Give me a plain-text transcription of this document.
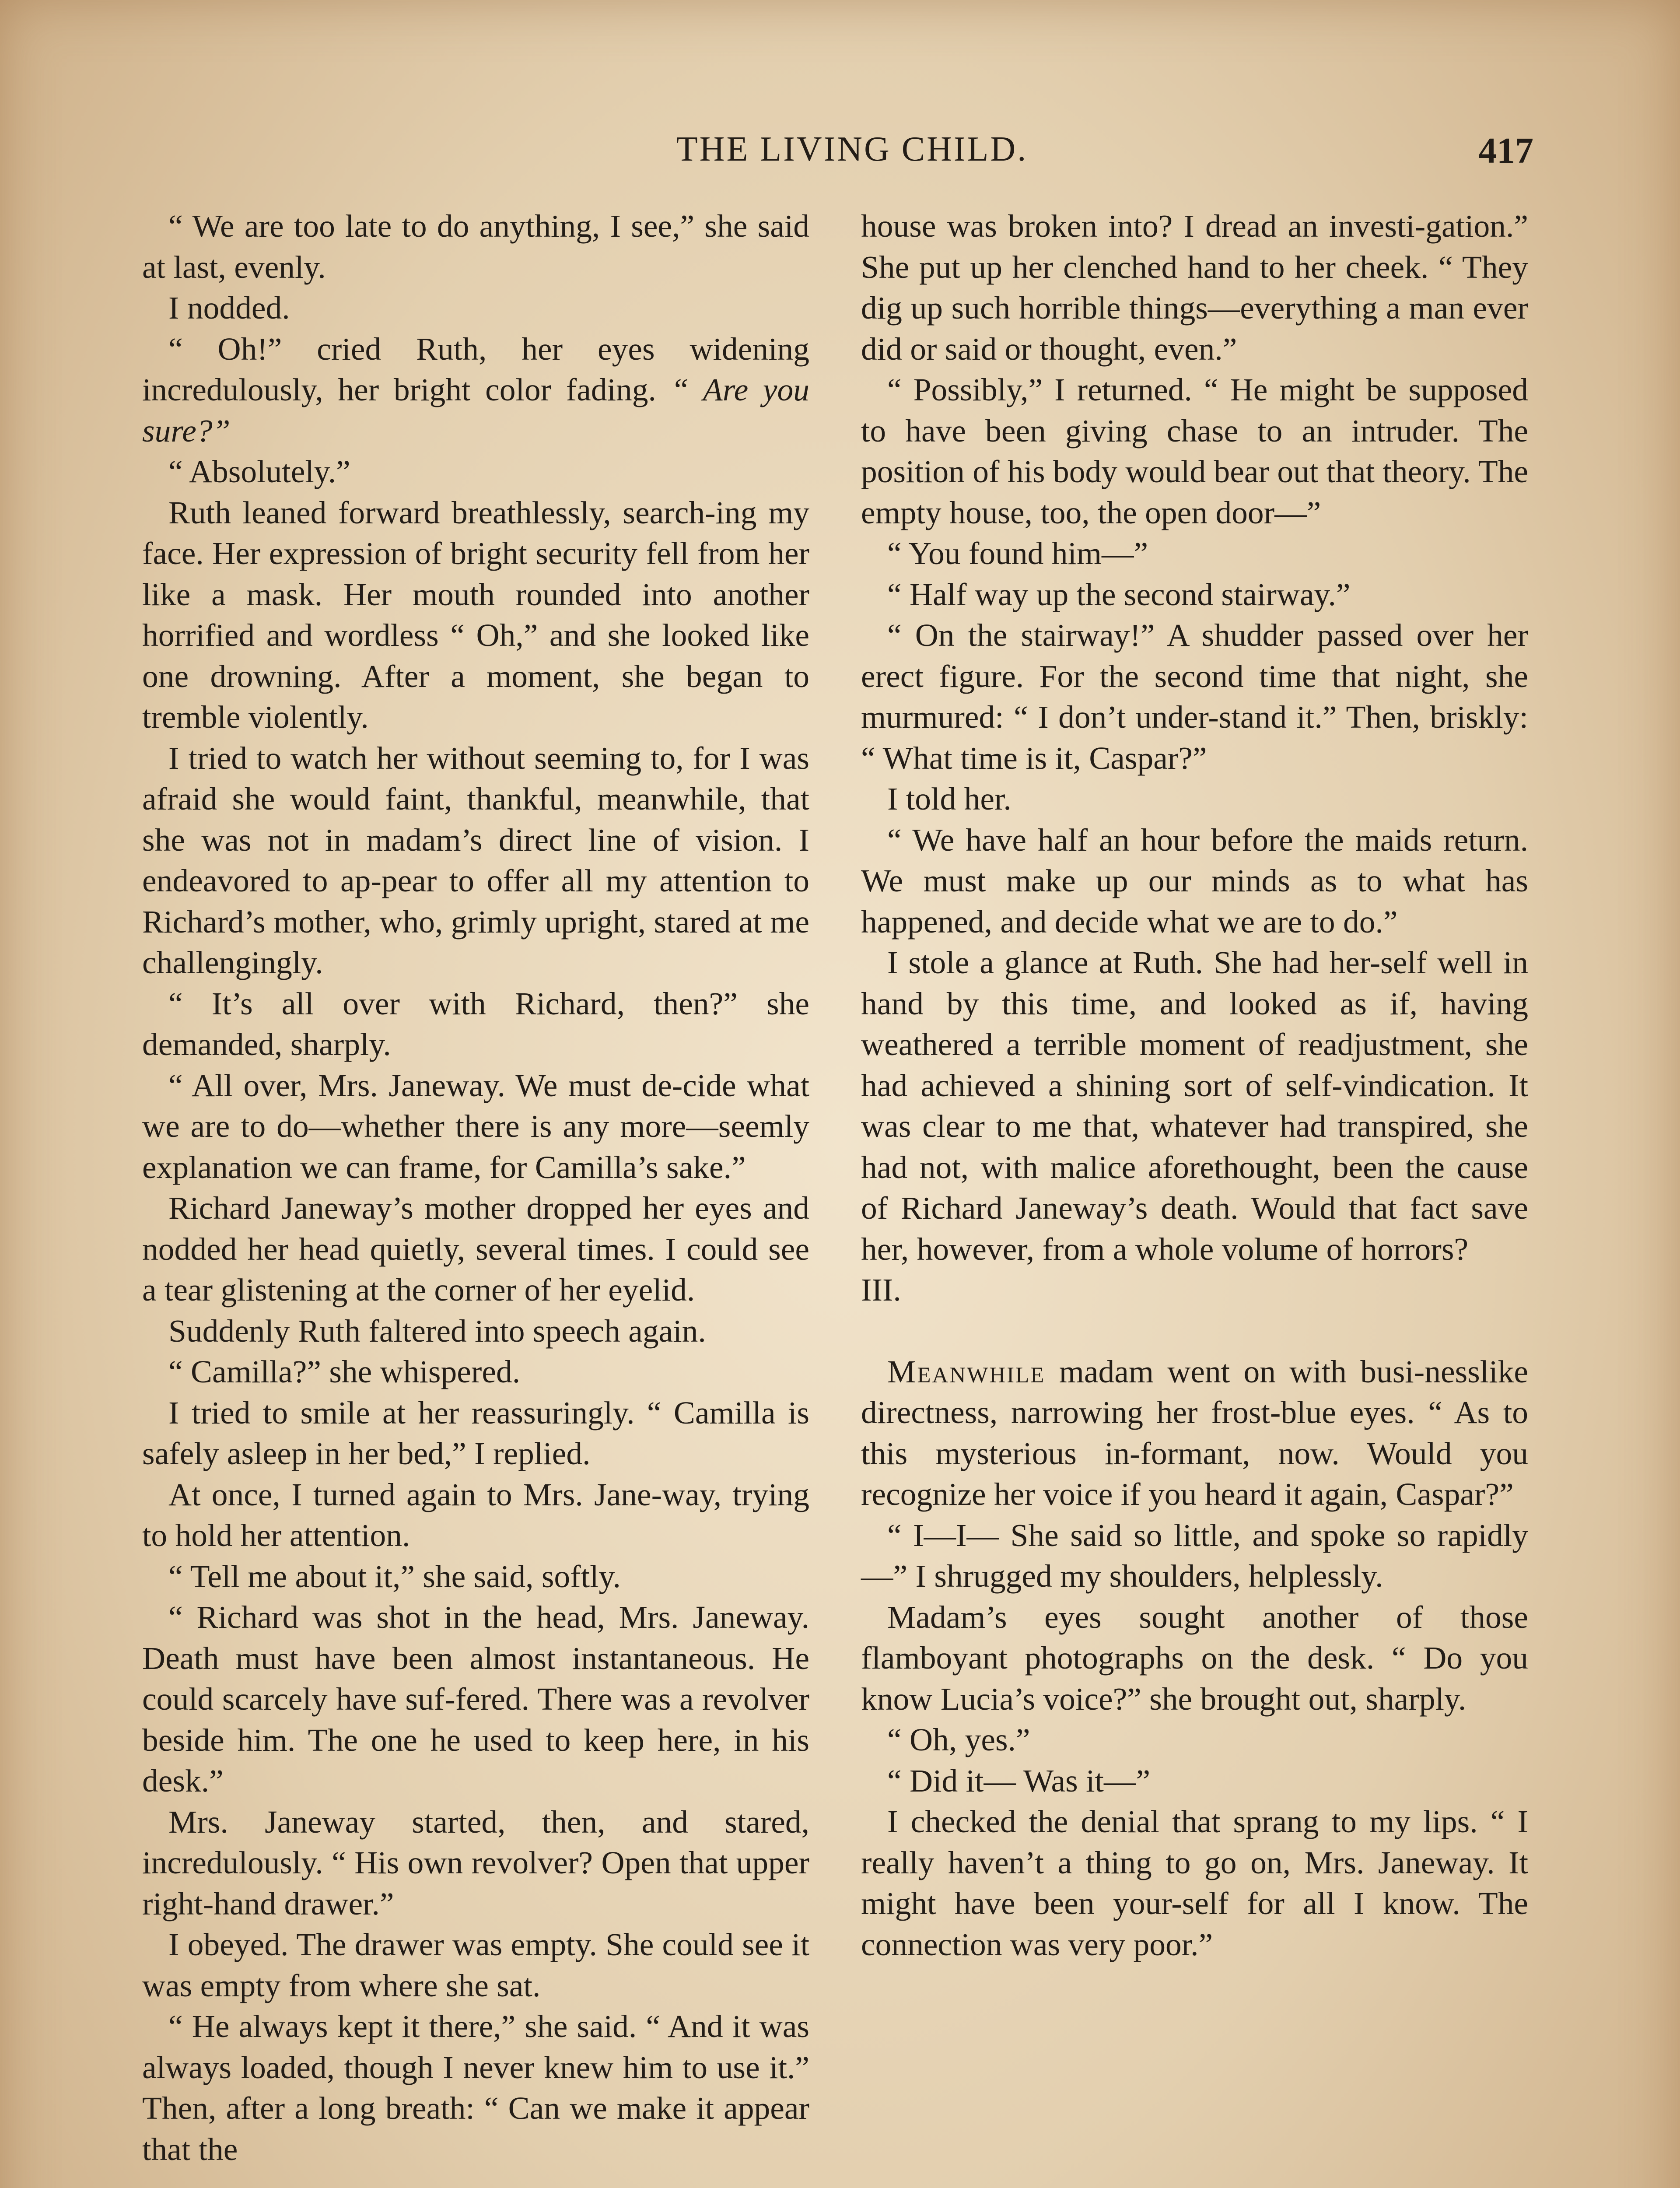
THE LIVING CHILD.	417

“ We are too late to do anything, I see,” she said at last, evenly.

I nodded.

“ Oh!” cried Ruth, her eyes widening incredulously, her bright color fading. “ Are you sure?”

“ Absolutely.”

Ruth leaned forward breathlessly, search-ing my face. Her expression of bright security fell from her like a mask. Her mouth rounded into another horrified and wordless “ Oh,” and she looked like one drowning. After a moment, she began to tremble violently.

I tried to watch her without seeming to, for I was afraid she would faint, thankful, meanwhile, that she was not in madam’s direct line of vision. I endeavored to ap-pear to offer all my attention to Richard’s mother, who, grimly upright, stared at me challengingly.

“ It’s all over with Richard, then?” she demanded, sharply.

“ All over, Mrs. Janeway. We must de-cide what we are to do—whether there is any more—seemly explanation we can frame, for Camilla’s sake.”

Richard Janeway’s mother dropped her eyes and nodded her head quietly, several times. I could see a tear glistening at the corner of her eyelid.

Suddenly Ruth faltered into speech again.

“ Camilla?” she whispered.

I tried to smile at her reassuringly. “ Camilla is safely asleep in her bed,” I replied.

At once, I turned again to Mrs. Jane-way, trying to hold her attention.

“ Tell me about it,” she said, softly.

“ Richard was shot in the head, Mrs. Janeway. Death must have been almost instantaneous. He could scarcely have suf-fered. There was a revolver beside him. The one he used to keep here, in his desk.”

Mrs. Janeway started, then, and stared, incredulously. “ His own revolver? Open that upper right-hand drawer.”

I obeyed. The drawer was empty. She could see it was empty from where she sat.

“ He always kept it there,” she said. “ And it was always loaded, though I never knew him to use it.” Then, after a long breath: “ Can we make it appear that the

house was broken into? I dread an investi-gation.” She put up her clenched hand to her cheek. “ They dig up such horrible things—everything a man ever did or said or thought, even.”

“ Possibly,” I returned. “ He might be supposed to have been giving chase to an intruder. The position of his body would bear out that theory. The empty house, too, the open door—”

“ You found him—”

“ Half way up the second stairway.”

“ On the stairway!” A shudder passed over her erect figure. For the second time that night, she murmured: “ I don’t under-stand it.” Then, briskly: “ What time is it, Caspar?”

I told her.

“ We have half an hour before the maids return. We must make up our minds as to what has happened, and decide what we are to do.”

I stole a glance at Ruth. She had her-self well in hand by this time, and looked as if, having weathered a terrible moment of readjustment, she had achieved a shining sort of self-vindication. It was clear to me that, whatever had transpired, she had not, with malice aforethought, been the cause of Richard Janeway’s death. Would that fact save her, however, from a whole volume of horrors?

III.

Meanwhile madam went on with busi-nesslike directness, narrowing her frost-blue eyes. “ As to this mysterious in-formant, now. Would you recognize her voice if you heard it again, Caspar?”

“ I—I— She said so little, and spoke so rapidly—” I shrugged my shoulders, helplessly.

Madam’s eyes sought another of those flamboyant photographs on the desk. “ Do you know Lucia’s voice?” she brought out, sharply.

“ Oh, yes.”

“ Did it— Was it—”

I checked the denial that sprang to my lips. “ I really haven’t a thing to go on, Mrs. Janeway. It might have been your-self for all I know. The connection was very poor.”
